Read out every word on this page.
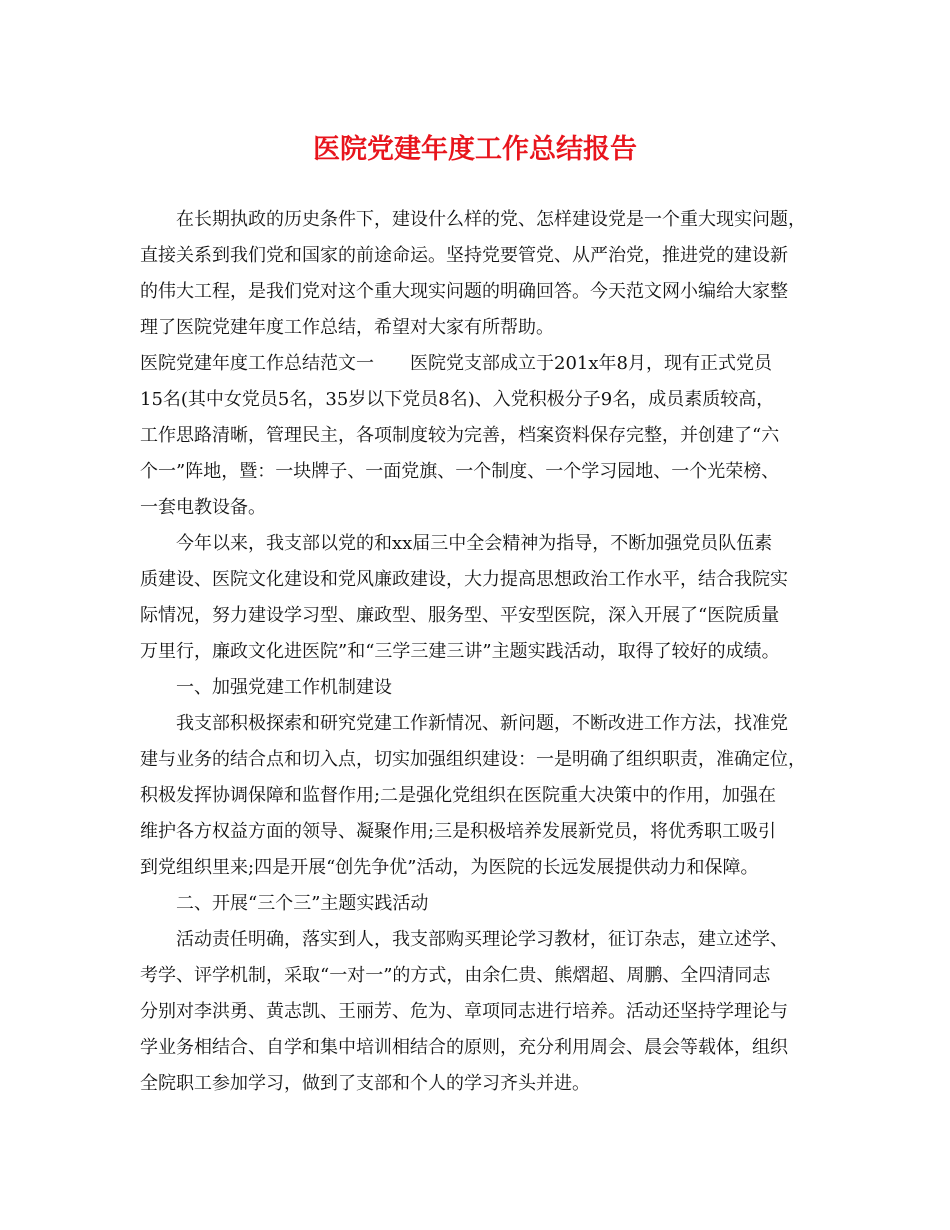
医院党建年度工作总结报告

在长期执政的历史条件下，建设什么样的党、怎样建设党是一个重大现实问题，

直接关系到我们党和国家的前途命运。坚持党要管党、从严治党，推进党的建设新

的伟大工程，是我们党对这个重大现实问题的明确回答。今天范文网小编给大家整

理了医院党建年度工作总结，希望对大家有所帮助。

医院党建年度工作总结范文一　　医院党支部成立于201x年8月，现有正式党员

15名(其中女党员5名，35岁以下党员8名)、入党积极分子9名，成员素质较高，

工作思路清晰，管理民主，各项制度较为完善，档案资料保存完整，并创建了“六

个一”阵地，暨：一块牌子、一面党旗、一个制度、一个学习园地、一个光荣榜、

一套电教设备。

今年以来，我支部以党的和xx届三中全会精神为指导，不断加强党员队伍素

质建设、医院文化建设和党风廉政建设，大力提高思想政治工作水平，结合我院实

际情况，努力建设学习型、廉政型、服务型、平安型医院，深入开展了“医院质量

万里行，廉政文化进医院”和“三学三建三讲”主题实践活动，取得了较好的成绩。

一、加强党建工作机制建设

我支部积极探索和研究党建工作新情况、新问题，不断改进工作方法，找准党

建与业务的结合点和切入点，切实加强组织建设：一是明确了组织职责，准确定位，

积极发挥协调保障和监督作用;二是强化党组织在医院重大决策中的作用，加强在

维护各方权益方面的领导、凝聚作用;三是积极培养发展新党员，将优秀职工吸引

到党组织里来;四是开展“创先争优”活动，为医院的长远发展提供动力和保障。

二、开展“三个三”主题实践活动

活动责任明确，落实到人，我支部购买理论学习教材，征订杂志，建立述学、

考学、评学机制，采取“一对一”的方式，由余仁贵、熊熠超、周鹏、全四清同志

分别对李洪勇、黄志凯、王丽芳、危为、章项同志进行培养。活动还坚持学理论与

学业务相结合、自学和集中培训相结合的原则，充分利用周会、晨会等载体，组织

全院职工参加学习，做到了支部和个人的学习齐头并进。
